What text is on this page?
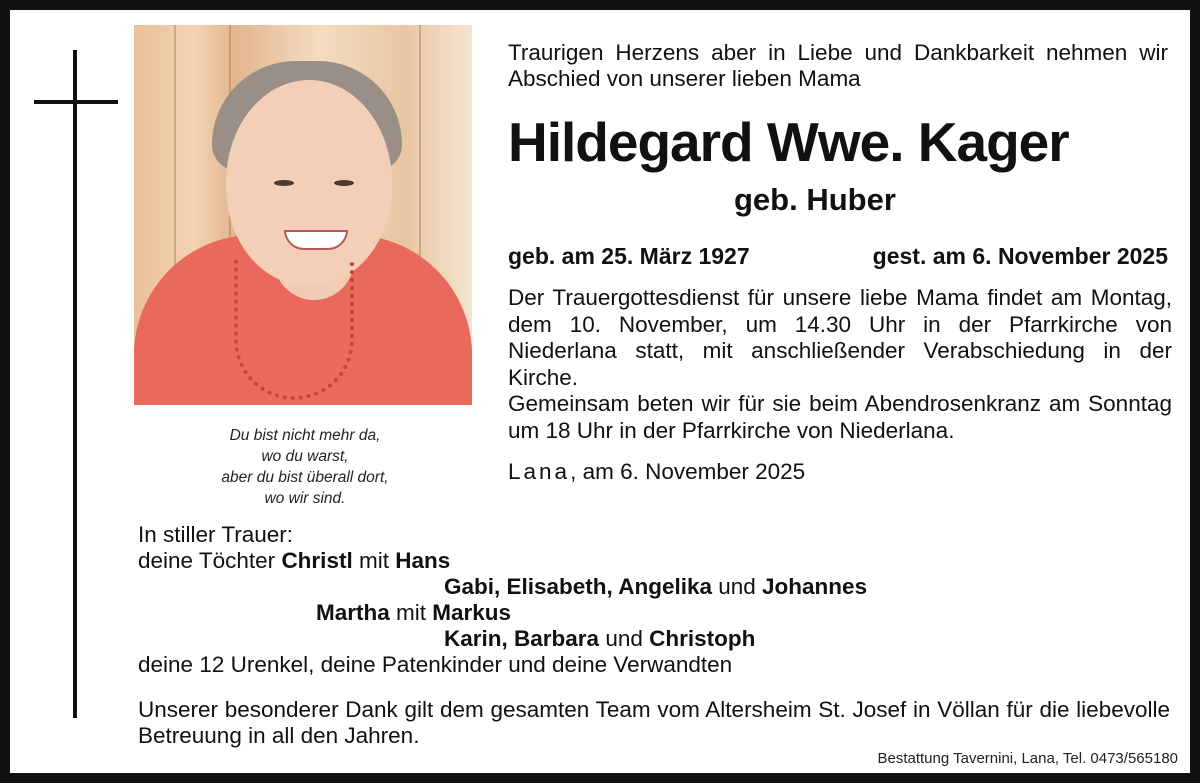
Du bist nicht mehr da,
wo du warst,
aber du bist überall dort,
wo wir sind.
Traurigen Herzens aber in Liebe und Dankbarkeit nehmen wir Abschied von unserer lieben Mama
Hildegard Wwe. Kager
geb. Huber
geb. am 25. März 1927	gest. am 6. November 2025

Der Trauergottesdienst für unsere liebe Mama findet am Montag, dem 10. November, um 14.30 Uhr in der Pfarrkirche von Niederlana statt, mit anschließender Verabschiedung in der Kirche.

Gemeinsam beten wir für sie beim Abendrosenkranz am Sonntag um 18 Uhr in der Pfarrkirche von Niederlana.

Lana, am 6. November 2025
In stiller Trauer:
deine Töchter Christl mit Hans
Gabi, Elisabeth, Angelika und Johannes
Martha mit Markus
Karin, Barbara und Christoph
deine 12 Urenkel, deine Patenkinder und deine Verwandten
Unserer besonderer Dank gilt dem gesamten Team vom Altersheim St. Josef in Völlan für die liebevolle Betreuung in all den Jahren.
Bestattung Tavernini, Lana, Tel. 0473/565180
